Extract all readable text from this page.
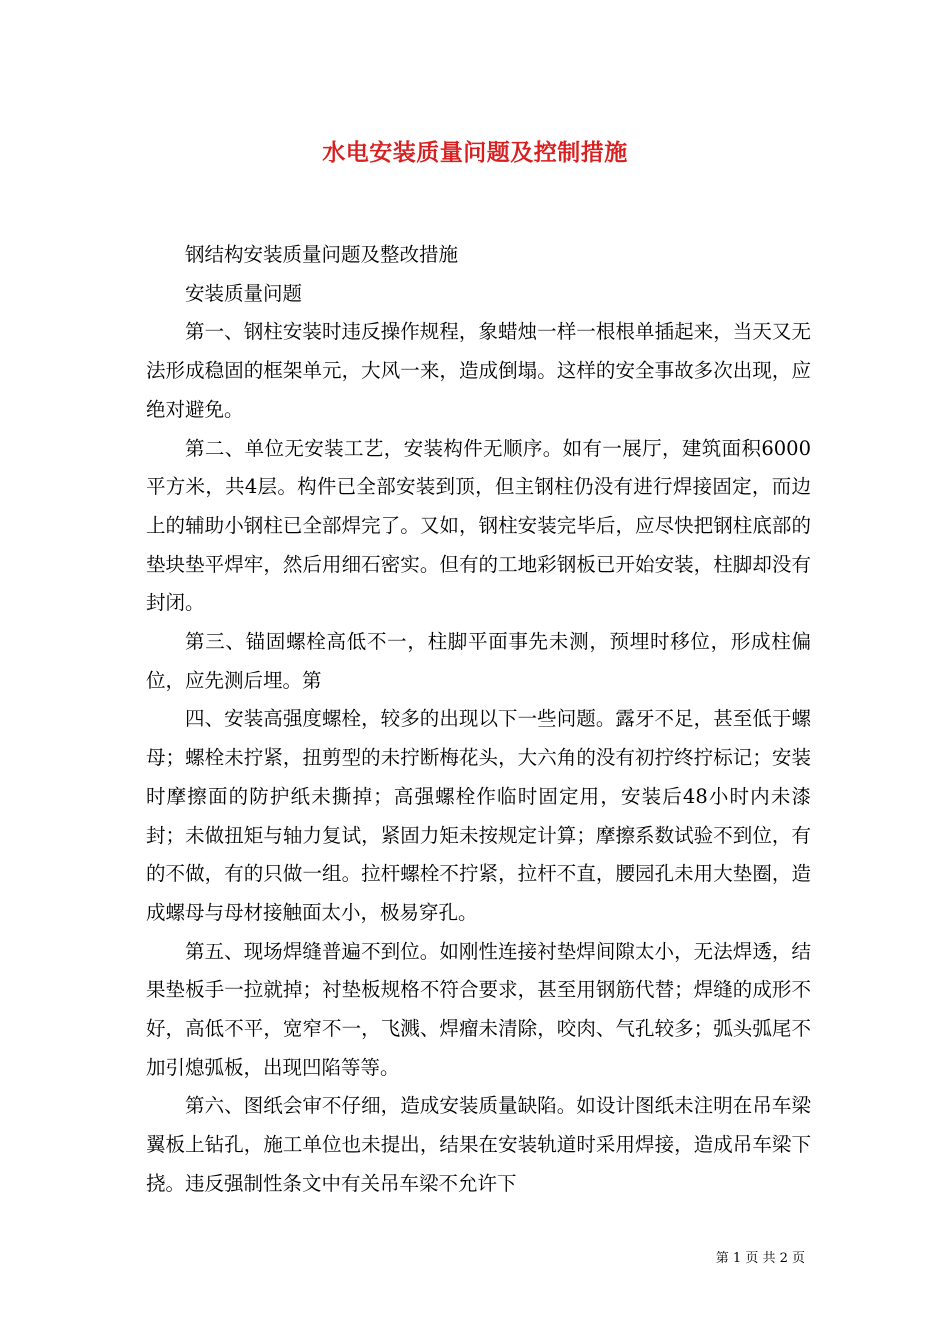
水电安装质量问题及控制措施

钢结构安装质量问题及整改措施

安装质量问题

第一、钢柱安装时违反操作规程，象蜡烛一样一根根单插起来，当天又无法形成稳固的框架单元，大风一来，造成倒塌。这样的安全事故多次出现，应绝对避免。

第二、单位无安装工艺，安装构件无顺序。如有一展厅，建筑面积6000平方米，共4层。构件已全部安装到顶，但主钢柱仍没有进行焊接固定，而边上的辅助小钢柱已全部焊完了。又如，钢柱安装完毕后，应尽快把钢柱底部的垫块垫平焊牢，然后用细石密实。但有的工地彩钢板已开始安装，柱脚却没有封闭。

第三、锚固螺栓高低不一，柱脚平面事先未测，预埋时移位，形成柱偏位，应先测后埋。第

四、安装高强度螺栓，较多的出现以下一些问题。露牙不足，甚至低于螺母；螺栓未拧紧，扭剪型的未拧断梅花头，大六角的没有初拧终拧标记；安装时摩擦面的防护纸未撕掉；高强螺栓作临时固定用，安装后48小时内未漆封；未做扭矩与轴力复试，紧固力矩未按规定计算；摩擦系数试验不到位，有的不做，有的只做一组。拉杆螺栓不拧紧，拉杆不直，腰园孔未用大垫圈，造成螺母与母材接触面太小，极易穿孔。

第五、现场焊缝普遍不到位。如刚性连接衬垫焊间隙太小，无法焊透，结果垫板手一拉就掉；衬垫板规格不符合要求，甚至用钢筋代替；焊缝的成形不好，高低不平，宽窄不一，飞溅、焊瘤未清除，咬肉、气孔较多；弧头弧尾不加引熄弧板，出现凹陷等等。

第六、图纸会审不仔细，造成安装质量缺陷。如设计图纸未注明在吊车梁翼板上钻孔，施工单位也未提出，结果在安装轨道时采用焊接，造成吊车梁下挠。违反强制性条文中有关吊车梁不允许下

第 1 页 共 2 页
